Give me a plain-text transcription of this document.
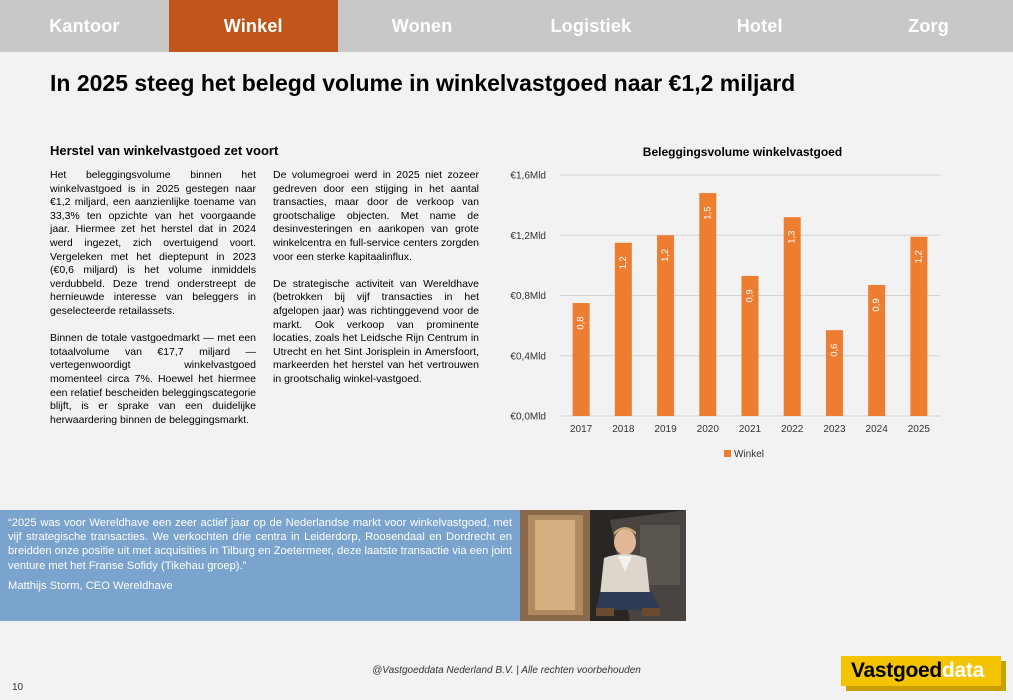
Kantoor	Winkel	Wonen	Logistiek	Hotel	Zorg
In 2025 steeg het belegd volume in winkelvastgoed naar €1,2 miljard
Herstel van winkelvastgoed zet voort

Het beleggingsvolume binnen het winkelvastgoed is in 2025 gestegen naar €1,2 miljard, een aanzienlijke toename van 33,3% ten opzichte van het voorgaande jaar. Hiermee zet het herstel dat in 2024 werd ingezet, zich overtuigend voort. Vergeleken met het dieptepunt in 2023 (€0,6 miljard) is het volume inmiddels verdubbeld. Deze trend onderstreept de hernieuwde interesse van beleggers in geselecteerde retailassets.

Binnen de totale vastgoedmarkt — met een totaalvolume van €17,7 miljard — vertegenwoordigt winkelvastgoed momenteel circa 7%. Hoewel het hiermee een relatief bescheiden beleggingscategorie blijft, is er sprake van een duidelijke herwaardering binnen de beleggingsmarkt.

De volumegroei werd in 2025 niet zozeer gedreven door een stijging in het aantal transacties, maar door de verkoop van grootschalige objecten. Met name de desinvesteringen en aankopen van grote winkelcentra en full-service centers zorgden voor een sterke kapitaalinflux.

De strategische activiteit van Wereldhave (betrokken bij vijf transacties in het afgelopen jaar) was richtinggevend voor de markt. Ook verkoop van prominente locaties, zoals het Leidsche Rijn Centrum in Utrecht en het Sint Jorisplein in Amersfoort, markeerden het herstel van het vertrouwen in grootschalig winkel-vastgoed.

Beleggingsvolume winkelvastgoed
€0,0Mld
€0,4Mld
€0,8Mld
€1,2Mld
€1,6Mld
0,8
2017
1,2
2018
1,2
2019
1,5
2020
0,9
2021
1,3
2022
0,6
2023
0,9
2024
1,2
2025
Winkel
“2025 was voor Wereldhave een zeer actief jaar op de Nederlandse markt voor winkelvastgoed, met vijf strategische transacties. We verkochten drie centra in Leiderdorp, Roosendaal en Dordrecht en breidden onze positie uit met acquisities in Tilburg en Zoetermeer, deze laatste transactie via een joint venture met het Franse Sofidy (Tikehau groep).”
Matthijs Storm, CEO Wereldhave
@Vastgoeddata Nederland B.V. | Alle rechten voorbehouden
10
Vastgoed data
